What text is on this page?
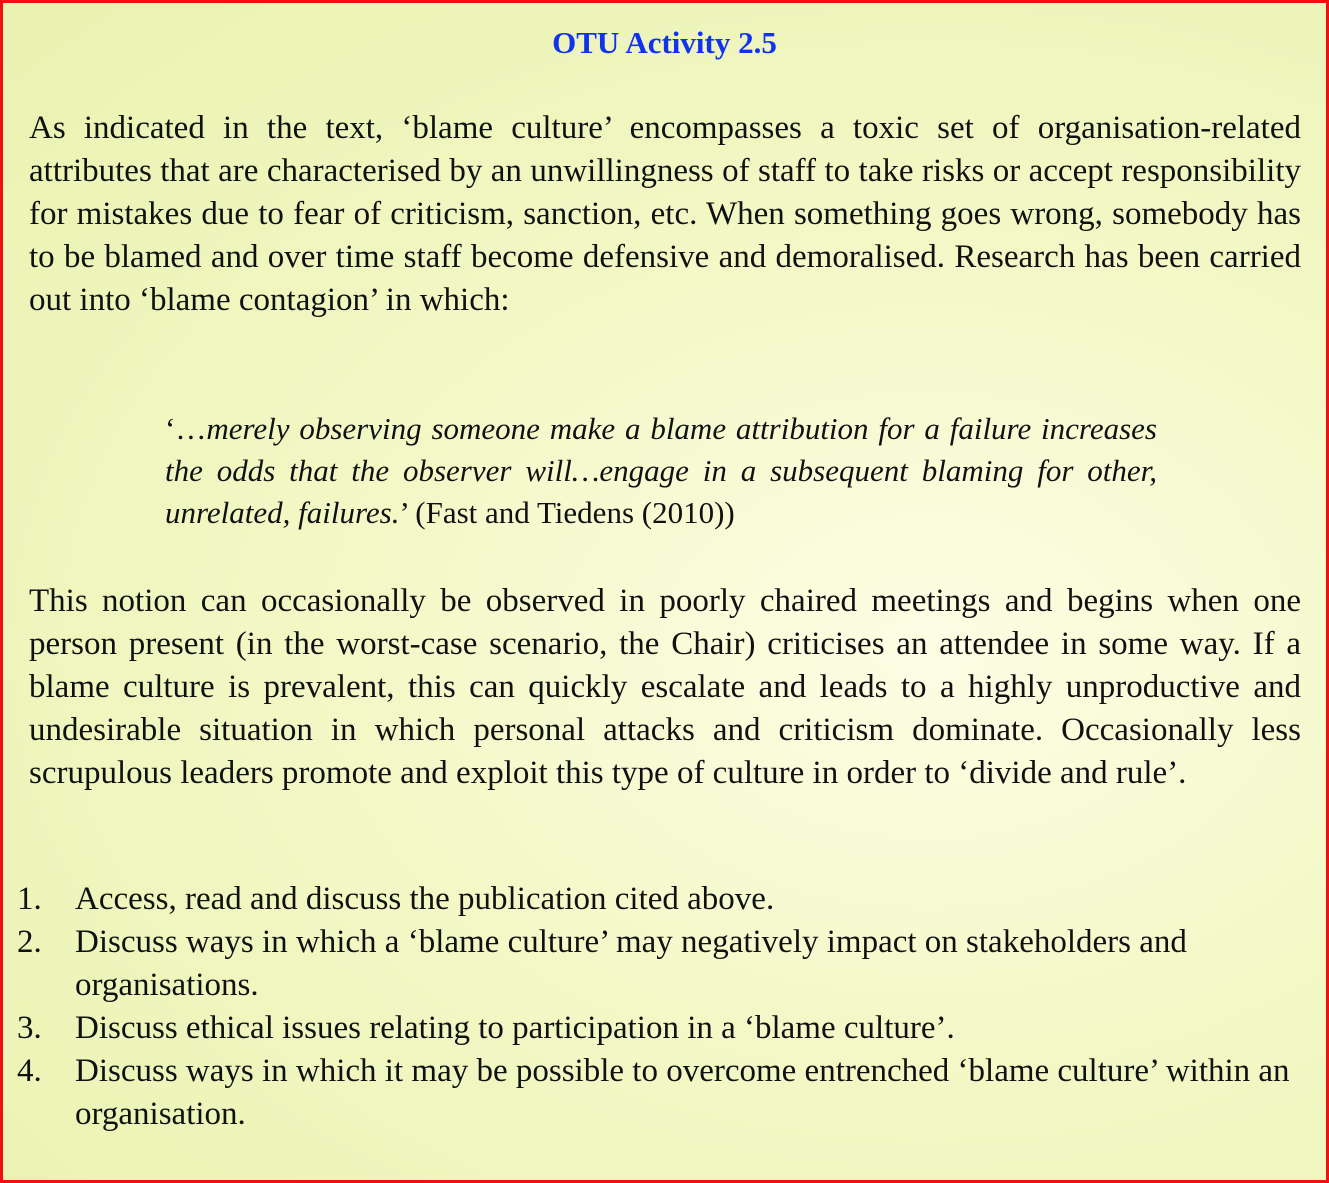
OTU Activity 2.5

As indicated in the text, ‘blame culture’ encompasses a toxic set of organisation-related attributes that are characterised by an unwillingness of staff to take risks or accept responsibility for mistakes due to fear of criticism, sanction, etc. When something goes wrong, somebody has to be blamed and over time staff become defensive and demoralised. Research has been carried out into ‘blame contagion’ in which:

‘…merely observing someone make a blame attribution for a failure increases the odds that the observer will…engage in a subsequent blaming for other, unrelated, failures.’ (Fast and Tiedens (2010))

This notion can occasionally be observed in poorly chaired meetings and begins when one person present (in the worst-case scenario, the Chair) criticises an attendee in some way. If a blame culture is prevalent, this can quickly escalate and leads to a highly unproductive and undesirable situation in which personal attacks and criticism dominate. Occasionally less scrupulous leaders promote and exploit this type of culture in order to ‘divide and rule’.

1. Access, read and discuss the publication cited above.
2. Discuss ways in which a ‘blame culture’ may negatively impact on stakeholders and organisations.
3. Discuss ethical issues relating to participation in a ‘blame culture’.
4. Discuss ways in which it may be possible to overcome entrenched ‘blame culture’ within an organisation.
